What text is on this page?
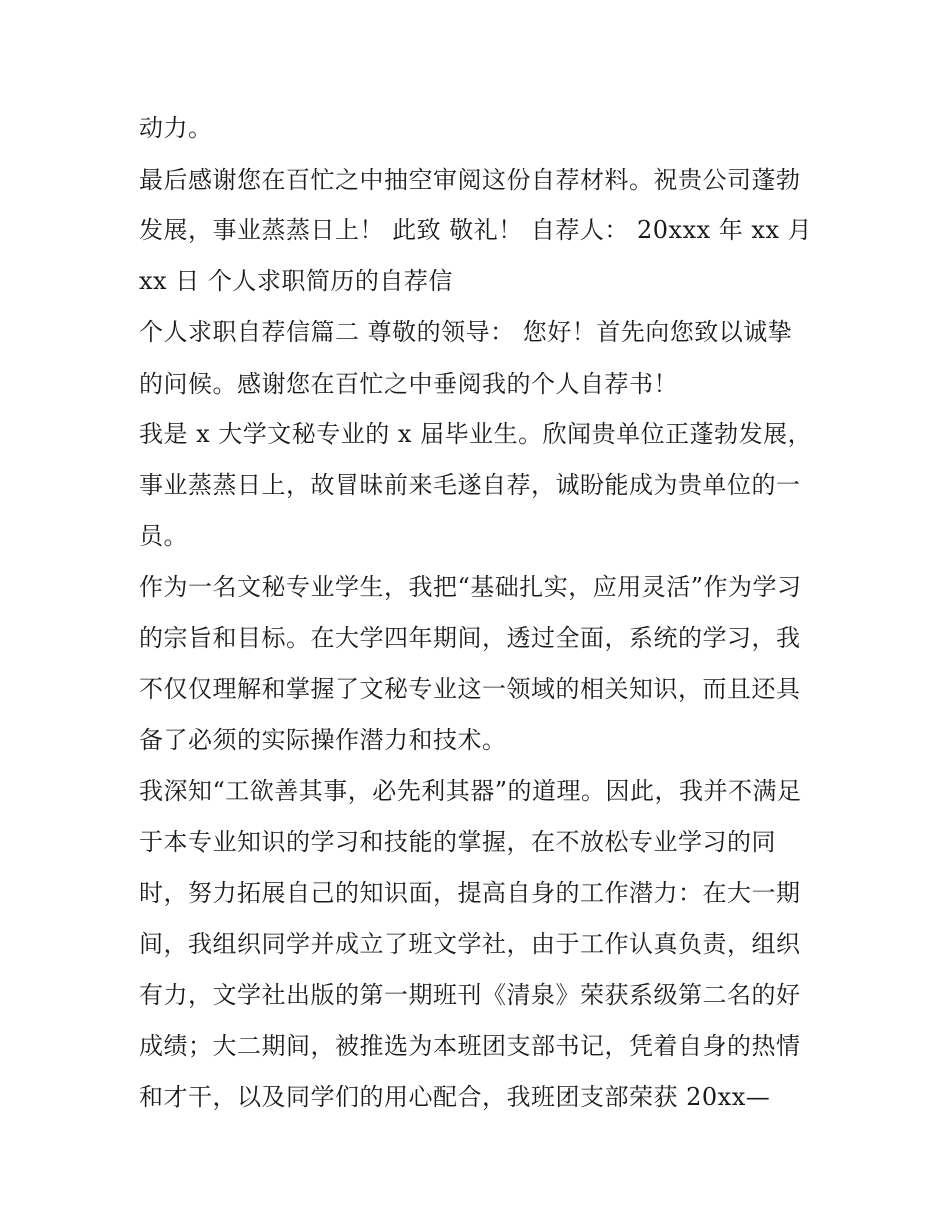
动力。

最后感谢您在百忙之中抽空审阅这份自荐材料。祝贵公司蓬勃

发展，事业蒸蒸日上！ 此致 敬礼！ 自荐人： 20xxx 年 xx 月

xx 日 个人求职简历的自荐信

个人求职自荐信篇二 尊敬的领导： 您好！首先向您致以诚挚

的问候。感谢您在百忙之中垂阅我的个人自荐书！

我是 x 大学文秘专业的 x 届毕业生。欣闻贵单位正蓬勃发展，

事业蒸蒸日上，故冒昧前来毛遂自荐，诚盼能成为贵单位的一

员。

作为一名文秘专业学生，我把“基础扎实，应用灵活”作为学习

的宗旨和目标。在大学四年期间，透过全面，系统的学习，我

不仅仅理解和掌握了文秘专业这一领域的相关知识，而且还具

备了必须的实际操作潜力和技术。

我深知“工欲善其事，必先利其器”的道理。因此，我并不满足

于本专业知识的学习和技能的掌握，在不放松专业学习的同

时，努力拓展自己的知识面，提高自身的工作潜力：在大一期

间，我组织同学并成立了班文学社，由于工作认真负责，组织

有力，文学社出版的第一期班刊《清泉》荣获系级第二名的好

成绩；大二期间，被推选为本班团支部书记，凭着自身的热情

和才干，以及同学们的用心配合，我班团支部荣获 20xx—
